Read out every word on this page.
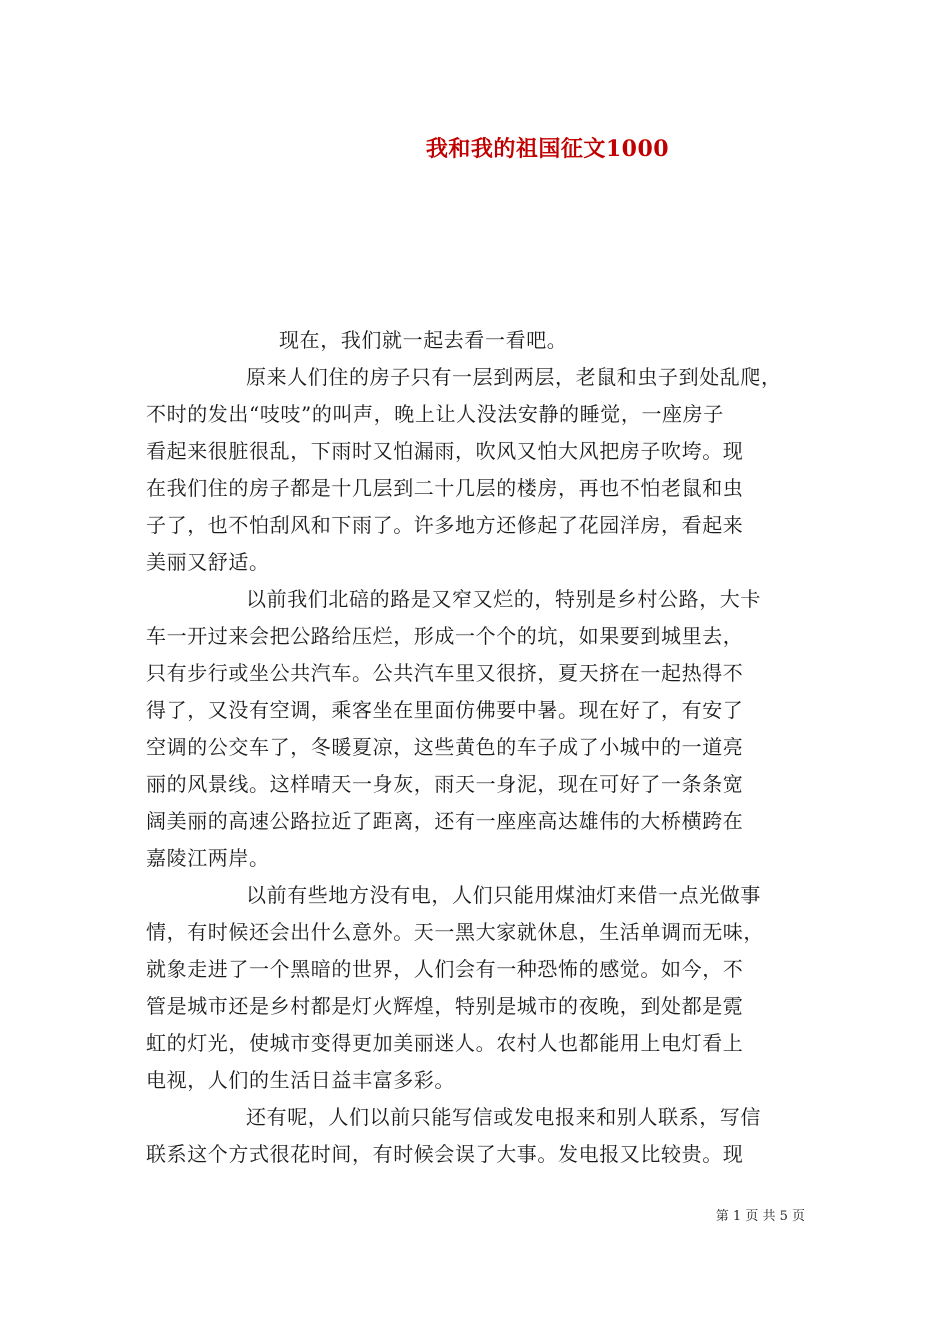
我和我的祖国征文1000
现在，我们就一起去看一看吧。
原来人们住的房子只有一层到两层，老鼠和虫子到处乱爬，
不时的发出“吱吱”的叫声，晚上让人没法安静的睡觉，一座房子
看起来很脏很乱，下雨时又怕漏雨，吹风又怕大风把房子吹垮。现
在我们住的房子都是十几层到二十几层的楼房，再也不怕老鼠和虫
子了，也不怕刮风和下雨了。许多地方还修起了花园洋房，看起来
美丽又舒适。
以前我们北碚的路是又窄又烂的，特别是乡村公路，大卡
车一开过来会把公路给压烂，形成一个个的坑，如果要到城里去，
只有步行或坐公共汽车。公共汽车里又很挤，夏天挤在一起热得不
得了，又没有空调，乘客坐在里面仿佛要中暑。现在好了，有安了
空调的公交车了，冬暖夏凉，这些黄色的车子成了小城中的一道亮
丽的风景线。这样晴天一身灰，雨天一身泥，现在可好了一条条宽
阔美丽的高速公路拉近了距离，还有一座座高达雄伟的大桥横跨在
嘉陵江两岸。
以前有些地方没有电，人们只能用煤油灯来借一点光做事
情，有时候还会出什么意外。天一黑大家就休息，生活单调而无味，
就象走进了一个黑暗的世界，人们会有一种恐怖的感觉。如今，不
管是城市还是乡村都是灯火辉煌，特别是城市的夜晚，到处都是霓
虹的灯光，使城市变得更加美丽迷人。农村人也都能用上电灯看上
电视，人们的生活日益丰富多彩。
还有呢，人们以前只能写信或发电报来和别人联系，写信
联系这个方式很花时间，有时候会误了大事。发电报又比较贵。现
第 1 页 共 5 页
